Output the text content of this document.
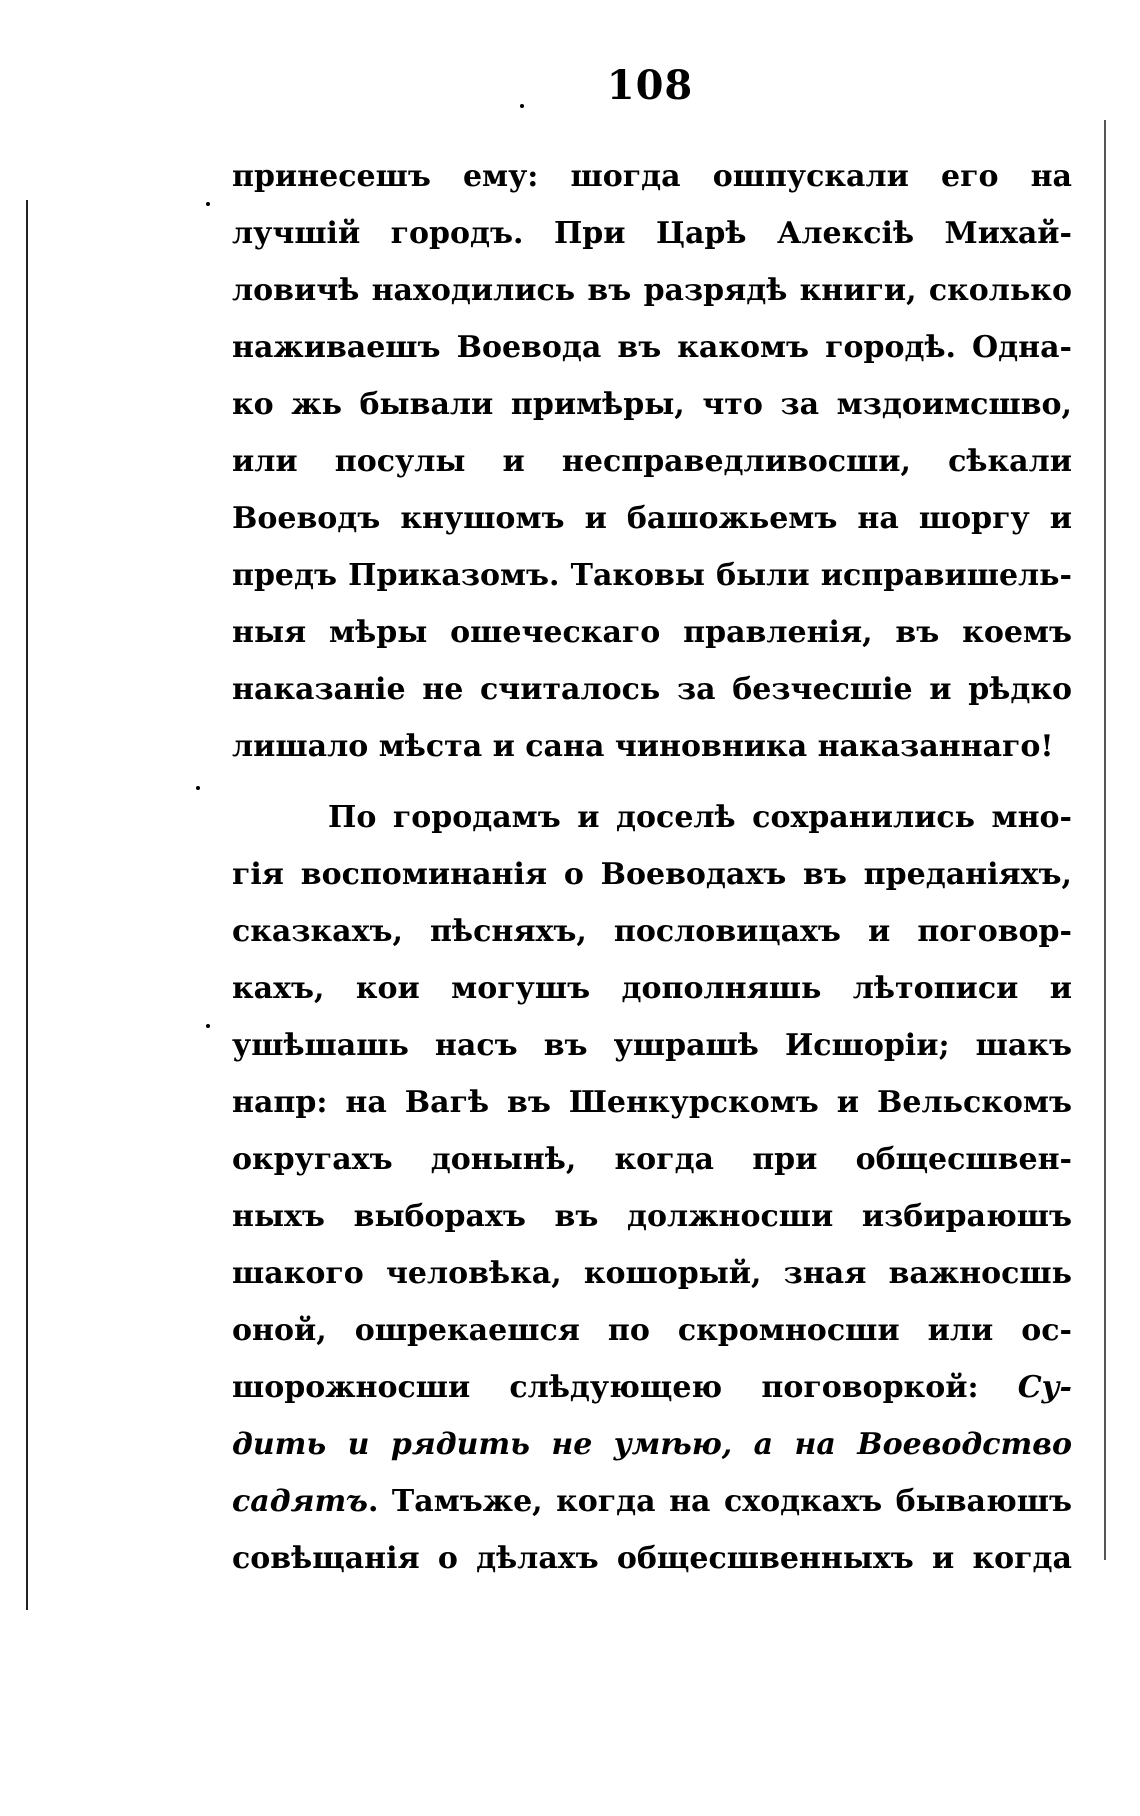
108
принесешъ ему: шогда ошпускали его на
лучшій городъ. При Царѣ Алексіѣ Михай-
ловичѣ находились въ разрядѣ книги, сколько
наживаешъ Воевода въ какомъ городѣ. Одна-
ко жь бывали примѣры, что за мздоимсшво,
или посулы и несправедливосши, сѣкали
Воеводъ кнушомъ и башожьемъ на шоргу и
предъ Приказомъ. Таковы были исправишель-
ныя мѣры ошеческаго правленія, въ коемъ
наказаніе не считалось за безчесшіе и рѣдко
лишало мѣста и сана чиновника наказаннаго!
По городамъ и доселѣ сохранились мно-
гія воспоминанія о Воеводахъ въ преданіяхъ,
сказкахъ, пѣсняхъ, пословицахъ и поговор-
кахъ, кои могушъ дополняшь лѣтописи и
ушѣшашь насъ въ ушрашѣ Исшоріи; шакъ
напр: на Вагѣ въ Шенкурскомъ и Вельскомъ
округахъ донынѣ, когда при общесшвен-
ныхъ выборахъ въ должносши избираюшъ
шакого человѣка, кошорый, зная важносшь
оной, ошрекаешся по скромносши или ос-
шорожносши слѣдующею поговоркой: Су-
дить и рядить не умѣю, а на Воеводство
садятъ. Тамъже, когда на сходкахъ бываюшъ
совѣщанія о дѣлахъ общесшвенныхъ и когда
